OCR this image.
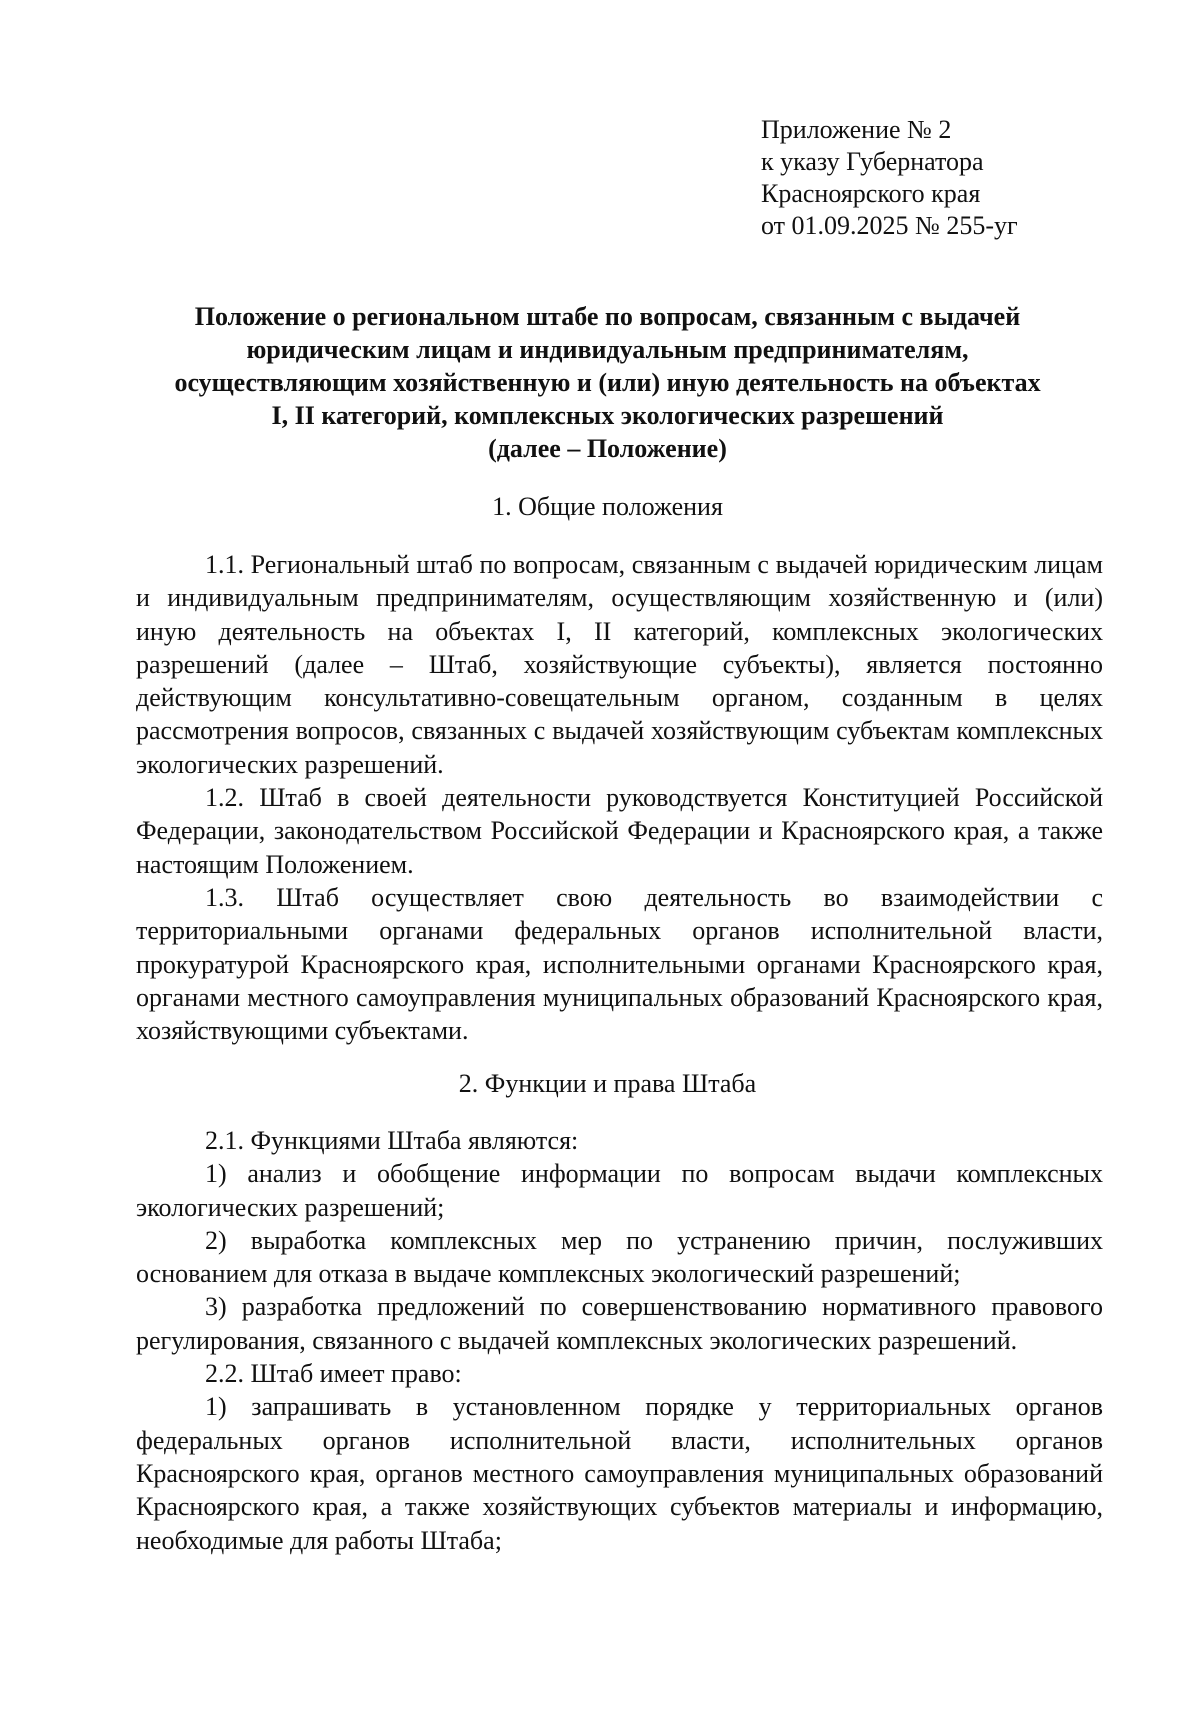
Приложение № 2
к указу Губернатора
Красноярского края
от 01.09.2025 № 255-уг
Положение о региональном штабе по вопросам, связанным с выдачей
юридическим лицам и индивидуальным предпринимателям,
осуществляющим хозяйственную и (или) иную деятельность на объектах
I, II категорий, комплексных экологических разрешений
(далее – Положение)
1. Общие положения

1.1. Региональный штаб по вопросам, связанным с выдачей юридическим лицам и индивидуальным предпринимателям, осуществляющим хозяйственную и (или) иную деятельность на объектах I, II категорий, комплексных экологических разрешений (далее – Штаб, хозяйствующие субъекты), является постоянно действующим консультативно-совещательным органом, созданным в целях рассмотрения вопросов, связанных с выдачей хозяйствующим субъектам комплексных экологических разрешений.

1.2. Штаб в своей деятельности руководствуется Конституцией Российской Федерации, законодательством Российской Федерации и Красноярского края, а также настоящим Положением.

1.3. Штаб осуществляет свою деятельность во взаимодействии с территориальными органами федеральных органов исполнительной власти, прокуратурой Красноярского края, исполнительными органами Красноярского края, органами местного самоуправления муниципальных образований Красноярского края, хозяйствующими субъектами.

2. Функции и права Штаба

2.1. Функциями Штаба являются:

1) анализ и обобщение информации по вопросам выдачи комплексных экологических разрешений;

2) выработка комплексных мер по устранению причин, послуживших основанием для отказа в выдаче комплексных экологический разрешений;

3) разработка предложений по совершенствованию нормативного правового регулирования, связанного с выдачей комплексных экологических разрешений.

2.2. Штаб имеет право:

1) запрашивать в установленном порядке у территориальных органов федеральных органов исполнительной власти, исполнительных органов Красноярского края, органов местного самоуправления муниципальных образований Красноярского края, а также хозяйствующих субъектов материалы и информацию, необходимые для работы Штаба;
